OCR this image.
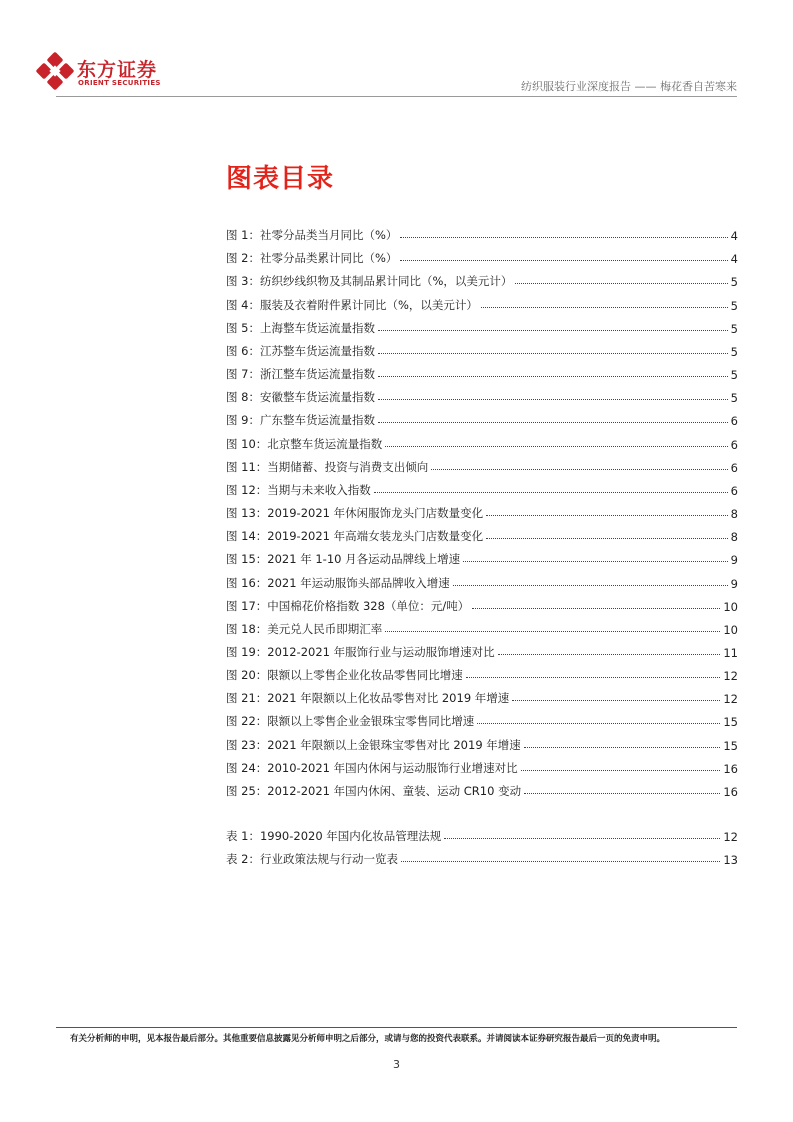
东方证券
ORIENT SECURITIES	纺织服装行业深度报告 —— 梅花香自苦寒来
图表目录
图 1：社零分品类当月同比（%）	4
图 2：社零分品类累计同比（%）	4
图 3：纺织纱线织物及其制品累计同比（%，以美元计）	5
图 4：服装及衣着附件累计同比（%，以美元计）	5
图 5：上海整车货运流量指数	5
图 6：江苏整车货运流量指数	5
图 7：浙江整车货运流量指数	5
图 8：安徽整车货运流量指数	5
图 9：广东整车货运流量指数	6
图 10：北京整车货运流量指数	6
图 11：当期储蓄、投资与消费支出倾向	6
图 12：当期与未来收入指数	6
图 13：2019-2021 年休闲服饰龙头门店数量变化	8
图 14：2019-2021 年高端女装龙头门店数量变化	8
图 15：2021 年 1-10 月各运动品牌线上增速	9
图 16：2021 年运动服饰头部品牌收入增速	9
图 17：中国棉花价格指数 328（单位：元/吨）	10
图 18：美元兑人民币即期汇率	10
图 19：2012-2021 年服饰行业与运动服饰增速对比	11
图 20：限额以上零售企业化妆品零售同比增速	12
图 21：2021 年限额以上化妆品零售对比 2019 年增速	12
图 22：限额以上零售企业金银珠宝零售同比增速	15
图 23：2021 年限额以上金银珠宝零售对比 2019 年增速	15
图 24：2010-2021 年国内休闲与运动服饰行业增速对比	16
图 25：2012-2021 年国内休闲、童装、运动 CR10 变动	16
表 1：1990-2020 年国内化妆品管理法规	12
表 2：行业政策法规与行动一览表	13
有关分析师的申明，见本报告最后部分。其他重要信息披露见分析师申明之后部分，或请与您的投资代表联系。并请阅读本证券研究报告最后一页的免责申明。
3
